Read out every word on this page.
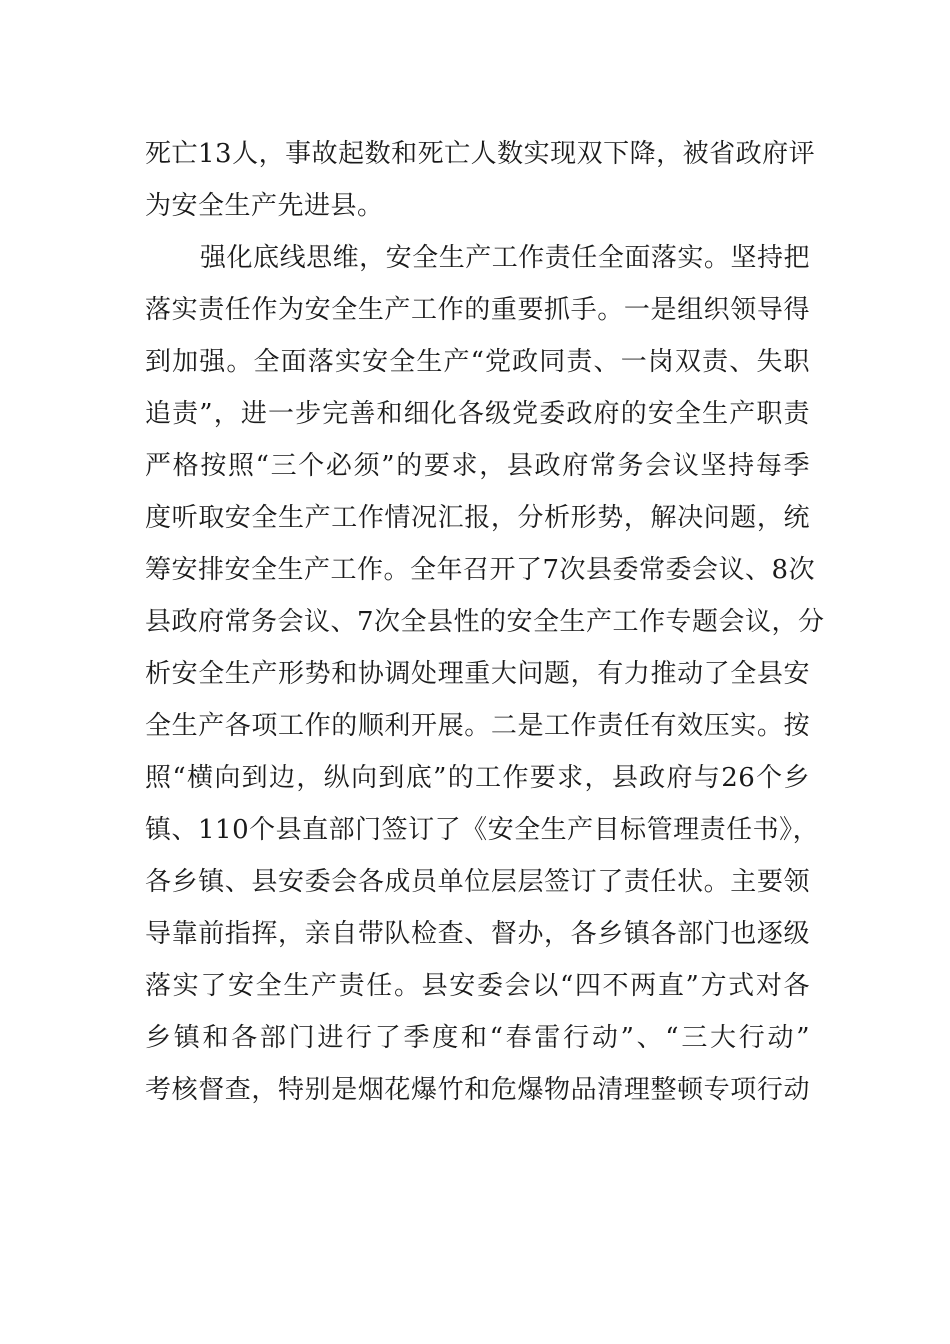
死亡13人，事故起数和死亡人数实现双下降，被省政府评
为安全生产先进县。
强化底线思维，安全生产工作责任全面落实。坚持把
落实责任作为安全生产工作的重要抓手。一是组织领导得
到加强。全面落实安全生产“党政同责、一岗双责、失职
追责”，进一步完善和细化各级党委政府的安全生产职责
严格按照“三个必须”的要求，县政府常务会议坚持每季
度听取安全生产工作情况汇报，分析形势，解决问题，统
筹安排安全生产工作。全年召开了7次县委常委会议、8次
县政府常务会议、7次全县性的安全生产工作专题会议，分
析安全生产形势和协调处理重大问题，有力推动了全县安
全生产各项工作的顺利开展。二是工作责任有效压实。按
照“横向到边，纵向到底”的工作要求，县政府与26个乡
镇、110个县直部门签订了《安全生产目标管理责任书》，
各乡镇、县安委会各成员单位层层签订了责任状。主要领
导靠前指挥，亲自带队检查、督办，各乡镇各部门也逐级
落实了安全生产责任。县安委会以“四不两直”方式对各
乡镇和各部门进行了季度和“春雷行动”、“三大行动”
考核督查，特别是烟花爆竹和危爆物品清理整顿专项行动
